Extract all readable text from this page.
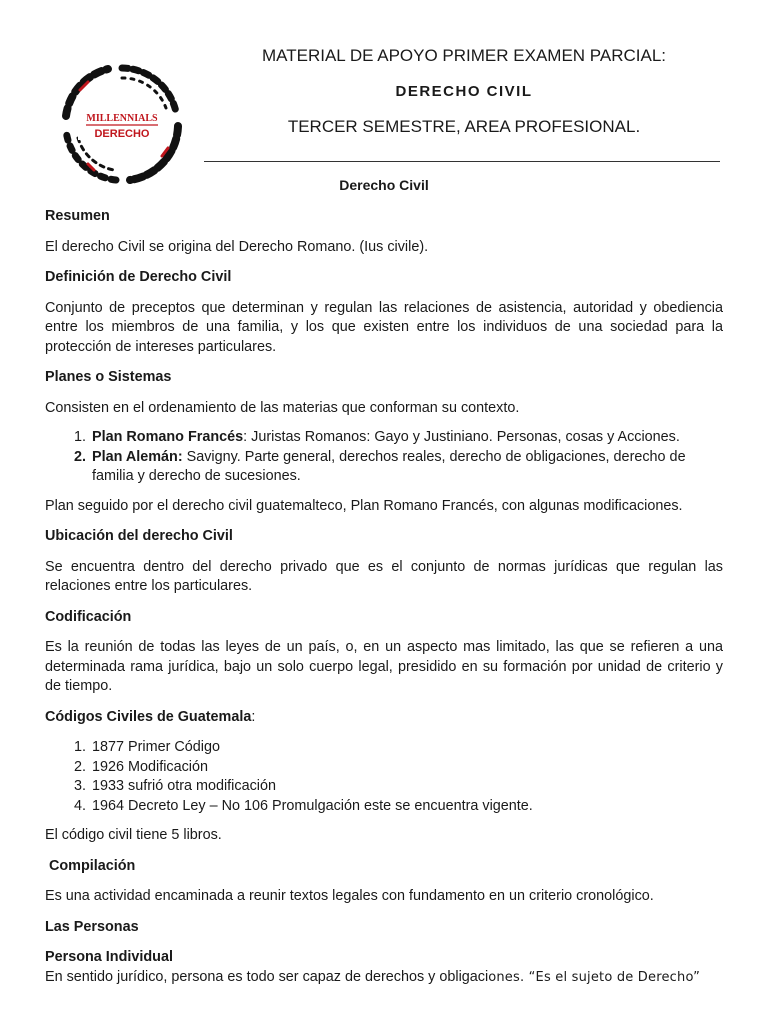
MILLENNIALS
DERECHO
MATERIAL DE APOYO PRIMER EXAMEN PARCIAL:
DERECHO CIVIL
TERCER SEMESTRE, AREA PROFESIONAL.
Derecho Civil
Resumen

El derecho Civil se origina del Derecho Romano. (Ius civile).

Definición de Derecho Civil

Conjunto de preceptos que determinan y regulan las relaciones de asistencia, autoridad y obediencia entre los miembros de una familia, y los que existen entre los individuos de una sociedad para la protección de intereses particulares.

Planes o Sistemas

Consisten en el ordenamiento de las materias que conforman su contexto.

1. Plan Romano Francés: Juristas Romanos: Gayo y Justiniano. Personas, cosas y Acciones.
2. Plan Alemán: Savigny. Parte general, derechos reales, derecho de obligaciones, derecho de familia y derecho de sucesiones.

Plan seguido por el derecho civil guatemalteco, Plan Romano Francés, con algunas modificaciones.

Ubicación del derecho Civil

Se encuentra dentro del derecho privado que es el conjunto de normas jurídicas que regulan las relaciones entre los particulares.

Codificación

Es la reunión de todas las leyes de un país, o, en un aspecto mas limitado, las que se refieren a una determinada rama jurídica, bajo un solo cuerpo legal, presidido en su formación por unidad de criterio y de tiempo.

Códigos Civiles de Guatemala:
1. 1877 Primer Código
2. 1926 Modificación
3. 1933 sufrió otra modificación
4. 1964 Decreto Ley – No 106 Promulgación este se encuentra vigente.

El código civil tiene 5 libros.

Compilación

Es una actividad encaminada a reunir textos legales con fundamento en un criterio cronológico.

Las Personas
Persona Individual

En sentido jurídico, persona es todo ser capaz de derechos y obligaciones. “Es el sujeto de Derecho”
